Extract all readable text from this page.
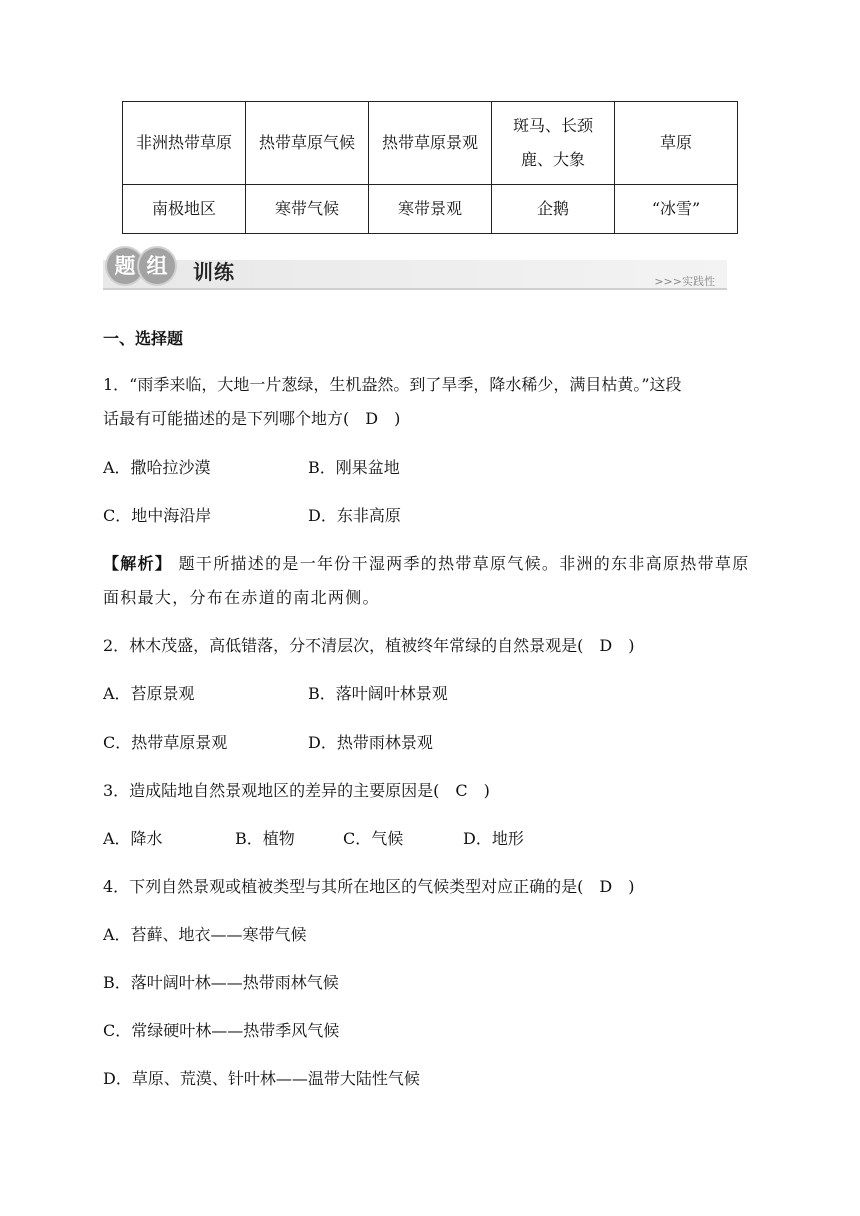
非洲热带草原	热带草原气候	热带草原景观	斑马、长颈鹿、大象	草原
南极地区	寒带气候	寒带景观	企鹅	“冰雪”
题 组	训练	>>>实践性
一、选择题
1．“雨季来临，大地一片葱绿，生机盎然。到了旱季，降水稀少，满目枯黄。”这段
话最有可能描述的是下列哪个地方(　D　)
A．撒哈拉沙漠	B．刚果盆地
C．地中海沿岸	D．东非高原
【解析】 题干所描述的是一年份干湿两季的热带草原气候。非洲的东非高原热带草原
面积最大，分布在赤道的南北两侧。
2．林木茂盛，高低错落，分不清层次，植被终年常绿的自然景观是(　D　)
A．苔原景观	B．落叶阔叶林景观
C．热带草原景观	D．热带雨林景观
3．造成陆地自然景观地区的差异的主要原因是(　C　)
A．降水	B．植物	C．气候	D．地形
4．下列自然景观或植被类型与其所在地区的气候类型对应正确的是(　D　)
A．苔藓、地衣——寒带气候
B．落叶阔叶林——热带雨林气候
C．常绿硬叶林——热带季风气候
D．草原、荒漠、针叶林——温带大陆性气候
